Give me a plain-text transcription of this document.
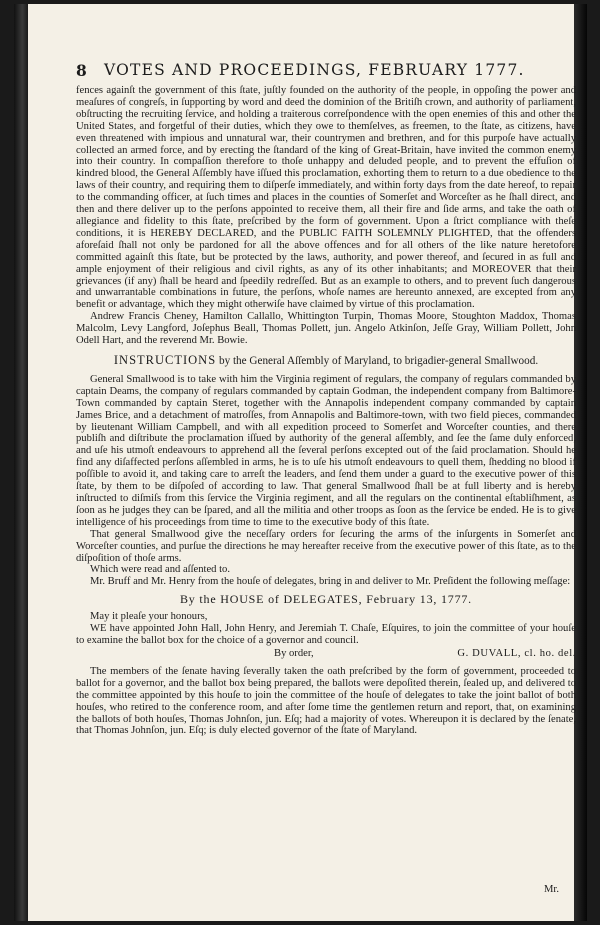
8 VOTES AND PROCEEDINGS, FEBRUARY 1777.

fences againſt the government of this ſtate, juſtly founded on the authority of the people, in oppoſing the power and meaſures of congreſs, in ſupporting by word and deed the dominion of the Britiſh crown, and authority of parliament, obſtructing the recruiting ſervice, and holding a traiterous correſpondence with the open enemies of this and other the United States, and forgetful of their duties, which they owe to themſelves, as freemen, to the ſtate, as citizens, have even threatened with impious and unnatural war, their countrymen and brethren, and for this purpoſe have actually collected an armed force, and by erecting the ſtandard of the king of Great-Britain, have invited the common enemy into their country. In compaſſion therefore to thoſe unhappy and deluded people, and to prevent the effuſion of kindred blood, the General Aſſembly have iſſued this proclamation, exhorting them to return to a due obedience to the laws of their country, and requiring them to diſperſe immediately, and within forty days from the date hereof, to repair to the commanding officer, at ſuch times and places in the counties of Somerſet and Worceſter as he ſhall direct, and then and there deliver up to the perſons appointed to receive them, all their fire and ſide arms, and take the oath of allegiance and fidelity to this ſtate, preſcribed by the form of government. Upon a ſtrict compliance with theſe conditions, it is HEREBY DECLARED, and the PUBLIC FAITH SOLEMNLY PLIGHTED, that the offenders aforeſaid ſhall not only be pardoned for all the above offences and for all others of the like nature heretofore committed againſt this ſtate, but be protected by the laws, authority, and power thereof, and ſecured in as full and ample enjoyment of their religious and civil rights, as any of its other inhabitants; and MOREOVER that their grievances (if any) ſhall be heard and ſpeedily redreſſed. But as an example to others, and to prevent ſuch dangerous and unwarrantable combinations in future, the perſons, whoſe names are hereunto annexed, are excepted from any benefit or advantage, which they might otherwiſe have claimed by virtue of this proclamation.

Andrew Francis Cheney, Hamilton Callallo, Whittington Turpin, Thomas Moore, Stoughton Maddox, Thomas Malcolm, Levy Langford, Joſephus Beall, Thomas Pollett, jun. Angelo Atkinſon, Jeſſe Gray, William Pollett, John Odell Hart, and the reverend Mr. Bowie.

INSTRUCTIONS by the General Aſſembly of Maryland, to brigadier-general Smallwood.

General Smallwood is to take with him the Virginia regiment of regulars, the company of regulars commanded by captain Deams, the company of regulars commanded by captain Godman, the independent company from Baltimore-Town commanded by captain Steret, together with the Annapolis independent company commanded by captain James Brice, and a detachment of matroſſes, from Annapolis and Baltimore-town, with two field pieces, commanded by lieutenant William Campbell, and with all expedition proceed to Somerſet and Worceſter counties, and there publiſh and diſtribute the proclamation iſſued by authority of the general aſſembly, and ſee the ſame duly enforced, and uſe his utmoſt endeavours to apprehend all the ſeveral perſons excepted out of the ſaid proclamation. Should he find any diſaffected perſons aſſembled in arms, he is to uſe his utmoſt endeavours to quell them, ſhedding no blood if poſſible to avoid it, and taking care to arreſt the leaders, and ſend them under a guard to the executive power of this ſtate, by them to be diſpoſed of according to law. That general Smallwood ſhall be at full liberty and is hereby inſtructed to diſmiſs from this ſervice the Virginia regiment, and all the regulars on the continental eſtabliſhment, as ſoon as he judges they can be ſpared, and all the militia and other troops as ſoon as the ſervice be ended. He is to give intelligence of his proceedings from time to time to the executive body of this ſtate.

That general Smallwood give the neceſſary orders for ſecuring the arms of the inſurgents in Somerſet and Worceſter counties, and purſue the directions he may hereafter receive from the executive power of this ſtate, as to the diſpoſition of thoſe arms.

Which were read and aſſented to.

Mr. Bruff and Mr. Henry from the houſe of delegates, bring in and deliver to Mr. Preſident the following meſſage:

By the HOUSE of DELEGATES, February 13, 1777.

May it pleaſe your honours,

WE have appointed John Hall, John Henry, and Jeremiah T. Chaſe, Eſquires, to join the committee of your houſe to examine the ballot box for the choice of a governor and council.

By order,	G. DUVALL, cl. ho. del.

The members of the ſenate having ſeverally taken the oath preſcribed by the form of government, proceeded to ballot for a governor, and the ballot box being prepared, the ballots were depoſited therein, ſealed up, and delivered to the committee appointed by this houſe to join the committee of the houſe of delegates to take the joint ballot of both houſes, who retired to the conference room, and after ſome time the gentlemen return and report, that, on examining the ballots of both houſes, Thomas Johnſon, jun. Eſq; had a majority of votes. Whereupon it is declared by the ſenate, that Thomas Johnſon, jun. Eſq; is duly elected governor of the ſtate of Maryland.

Mr.
